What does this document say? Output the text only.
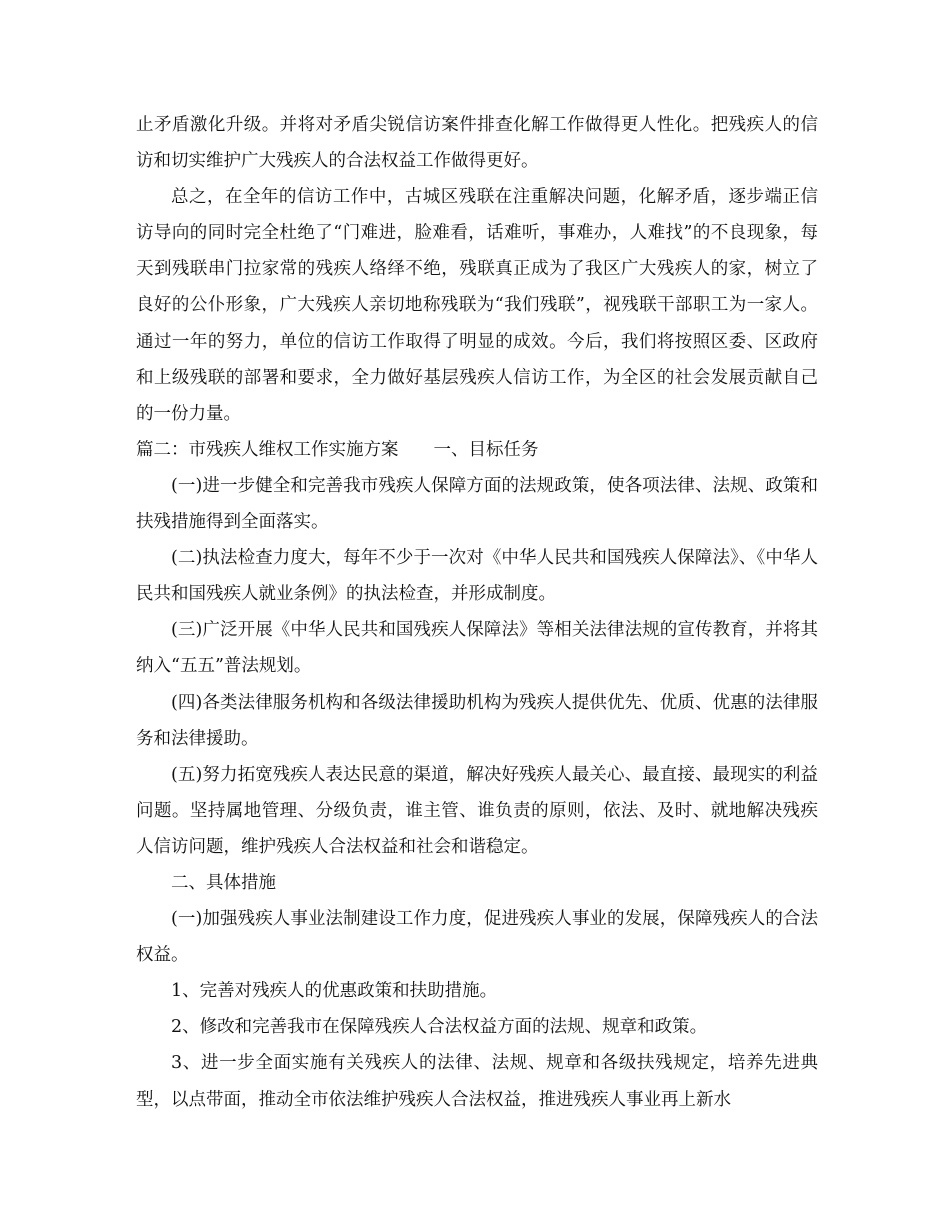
止矛盾激化升级。并将对矛盾尖锐信访案件排查化解工作做得更人性化。把残疾人的信访和切实维护广大残疾人的合法权益工作做得更好。

总之，在全年的信访工作中，古城区残联在注重解决问题，化解矛盾，逐步端正信访导向的同时完全杜绝了“门难进，脸难看，话难听，事难办，人难找”的不良现象，每天到残联串门拉家常的残疾人络绎不绝，残联真正成为了我区广大残疾人的家，树立了良好的公仆形象，广大残疾人亲切地称残联为“我们残联”，视残联干部职工为一家人。通过一年的努力，单位的信访工作取得了明显的成效。今后，我们将按照区委、区政府和上级残联的部署和要求，全力做好基层残疾人信访工作，为全区的社会发展贡献自己的一份力量。

篇二：市残疾人维权工作实施方案　　一、目标任务

(一)进一步健全和完善我市残疾人保障方面的法规政策，使各项法律、法规、政策和扶残措施得到全面落实。

(二)执法检查力度大，每年不少于一次对《中华人民共和国残疾人保障法》、《中华人民共和国残疾人就业条例》的执法检查，并形成制度。

(三)广泛开展《中华人民共和国残疾人保障法》等相关法律法规的宣传教育，并将其纳入“五五”普法规划。

(四)各类法律服务机构和各级法律援助机构为残疾人提供优先、优质、优惠的法律服务和法律援助。

(五)努力拓宽残疾人表达民意的渠道，解决好残疾人最关心、最直接、最现实的利益问题。坚持属地管理、分级负责，谁主管、谁负责的原则，依法、及时、就地解决残疾人信访问题，维护残疾人合法权益和社会和谐稳定。

二、具体措施

(一)加强残疾人事业法制建设工作力度，促进残疾人事业的发展，保障残疾人的合法权益。

1、完善对残疾人的优惠政策和扶助措施。

2、修改和完善我市在保障残疾人合法权益方面的法规、规章和政策。

3、进一步全面实施有关残疾人的法律、法规、规章和各级扶残规定，培养先进典型，以点带面，推动全市依法维护残疾人合法权益，推进残疾人事业再上新水
